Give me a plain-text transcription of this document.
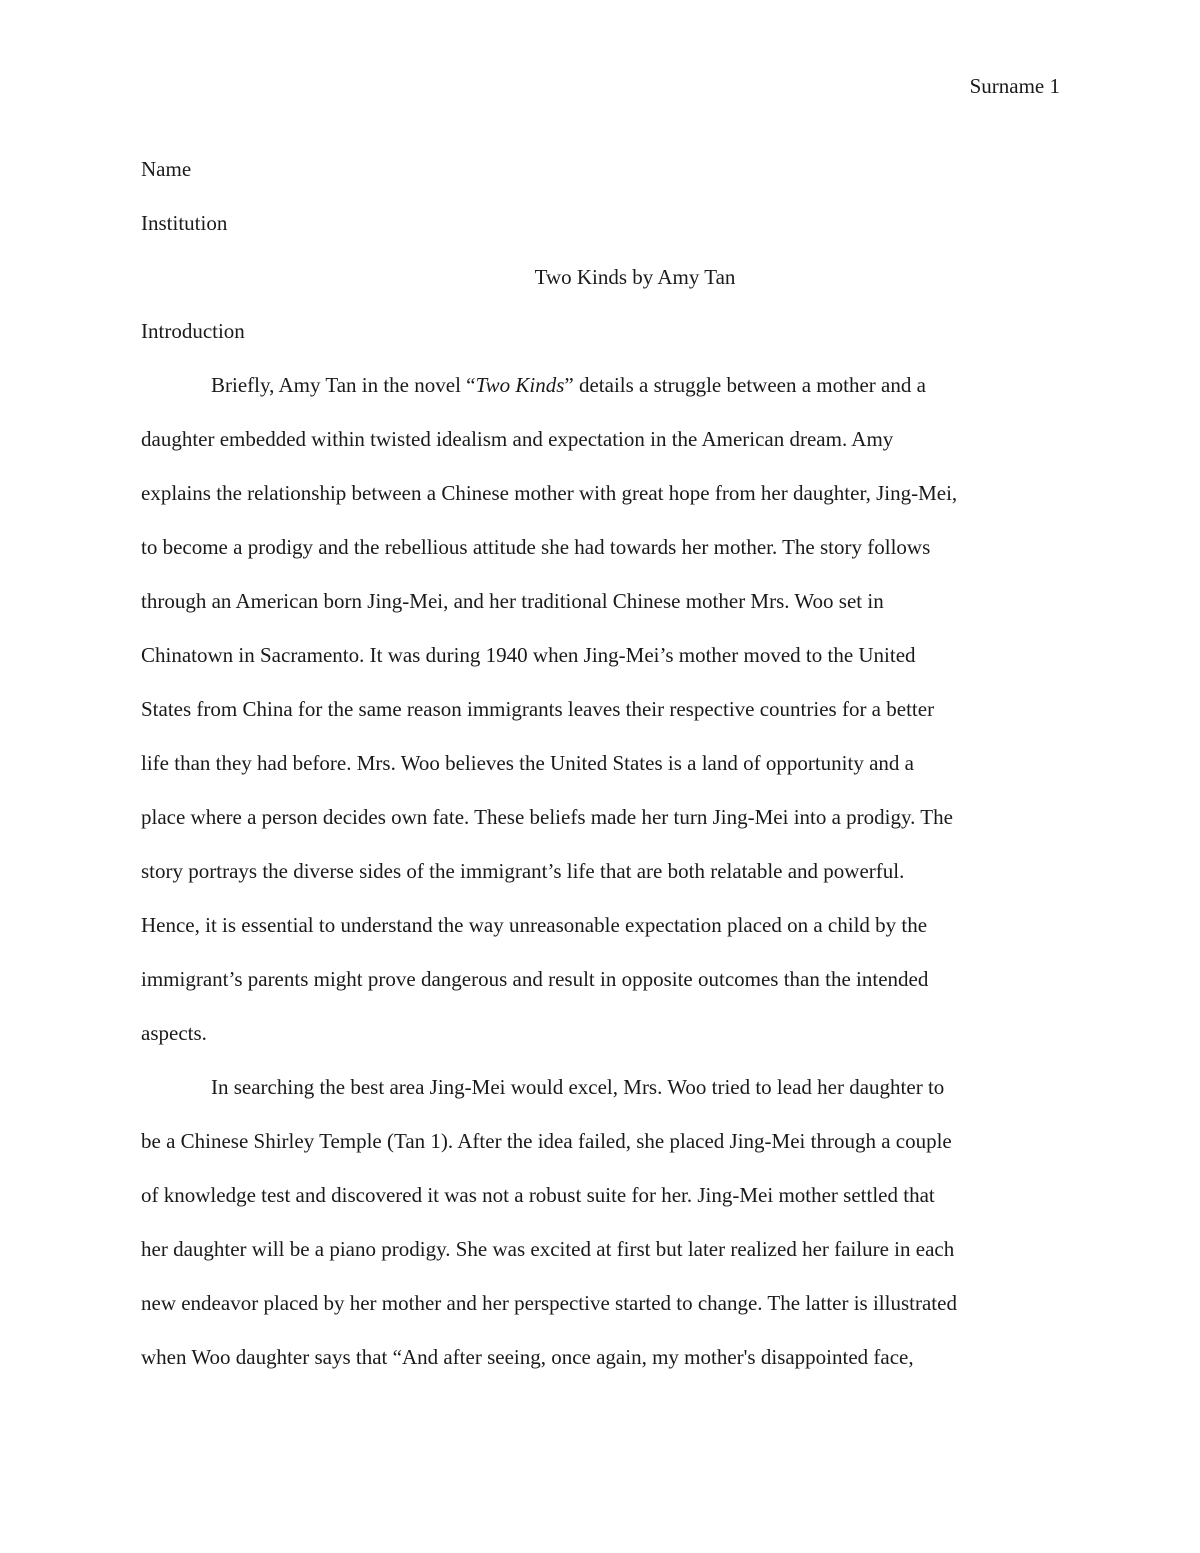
Surname 1
Name
Institution
Two Kinds by Amy Tan
Introduction
Briefly, Amy Tan in the novel “Two Kinds” details a struggle between a mother and a
daughter embedded within twisted idealism and expectation in the American dream. Amy
explains the relationship between a Chinese mother with great hope from her daughter, Jing-Mei,
to become a prodigy and the rebellious attitude she had towards her mother. The story follows
through an American born Jing-Mei, and her traditional Chinese mother Mrs. Woo set in
Chinatown in Sacramento. It was during 1940 when Jing-Mei’s mother moved to the United
States from China for the same reason immigrants leaves their respective countries for a better
life than they had before. Mrs. Woo believes the United States is a land of opportunity and a
place where a person decides own fate. These beliefs made her turn Jing-Mei into a prodigy. The
story portrays the diverse sides of the immigrant’s life that are both relatable and powerful.
Hence, it is essential to understand the way unreasonable expectation placed on a child by the
immigrant’s parents might prove dangerous and result in opposite outcomes than the intended
aspects.
In searching the best area Jing-Mei would excel, Mrs. Woo tried to lead her daughter to
be a Chinese Shirley Temple (Tan 1). After the idea failed, she placed Jing-Mei through a couple
of knowledge test and discovered it was not a robust suite for her. Jing-Mei mother settled that
her daughter will be a piano prodigy. She was excited at first but later realized her failure in each
new endeavor placed by her mother and her perspective started to change. The latter is illustrated
when Woo daughter says that “And after seeing, once again, my mother's disappointed face,
